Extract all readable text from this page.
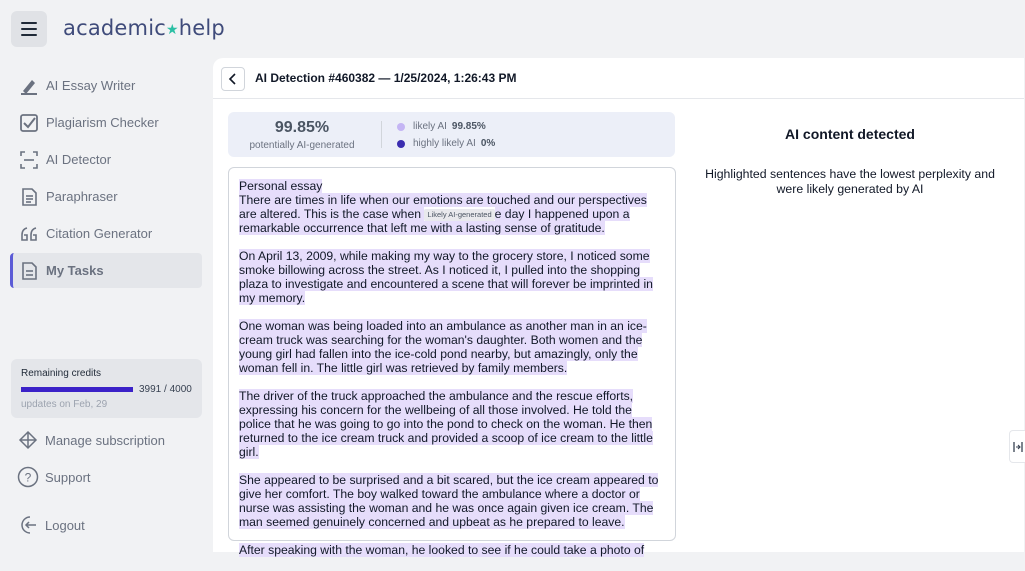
academic★help
AI Essay Writer
Plagiarism Checker
AI Detector
Paraphraser
Citation Generator
My Tasks
Remaining credits
3991 / 4000
updates on Feb, 29
Manage subscription
? Support
Logout
AI Detection #460382 — 1/25/2024, 1:26:43 PM
99.85%
potentially AI-generated
likely AI 99.85%
highly likely AI 0%
Personal essay
There are times in life when our emotions are touched and our perspectives are altered. This is the case when Likely AI-generated e day I happened upon a remarkable occurrence that left me with a lasting sense of gratitude.
On April 13, 2009, while making my way to the grocery store, I noticed some smoke billowing across the street. As I noticed it, I pulled into the shopping plaza to investigate and encountered a scene that will forever be imprinted in my memory.
One woman was being loaded into an ambulance as another man in an ice-cream truck was searching for the woman's daughter. Both women and the young girl had fallen into the ice-cold pond nearby, but amazingly, only the woman fell in. The little girl was retrieved by family members.
The driver of the truck approached the ambulance and the rescue efforts, expressing his concern for the wellbeing of all those involved. He told the police that he was going to go into the pond to check on the woman. He then returned to the ice cream truck and provided a scoop of ice cream to the little girl.
She appeared to be surprised and a bit scared, but the ice cream appeared to give her comfort. The boy walked toward the ambulance where a doctor or nurse was assisting the woman and he was once again given ice cream. The man seemed genuinely concerned and upbeat as he prepared to leave.
After speaking with the woman, he looked to see if he could take a photo of
AI content detected
Highlighted sentences have the lowest perplexity and were likely generated by AI
